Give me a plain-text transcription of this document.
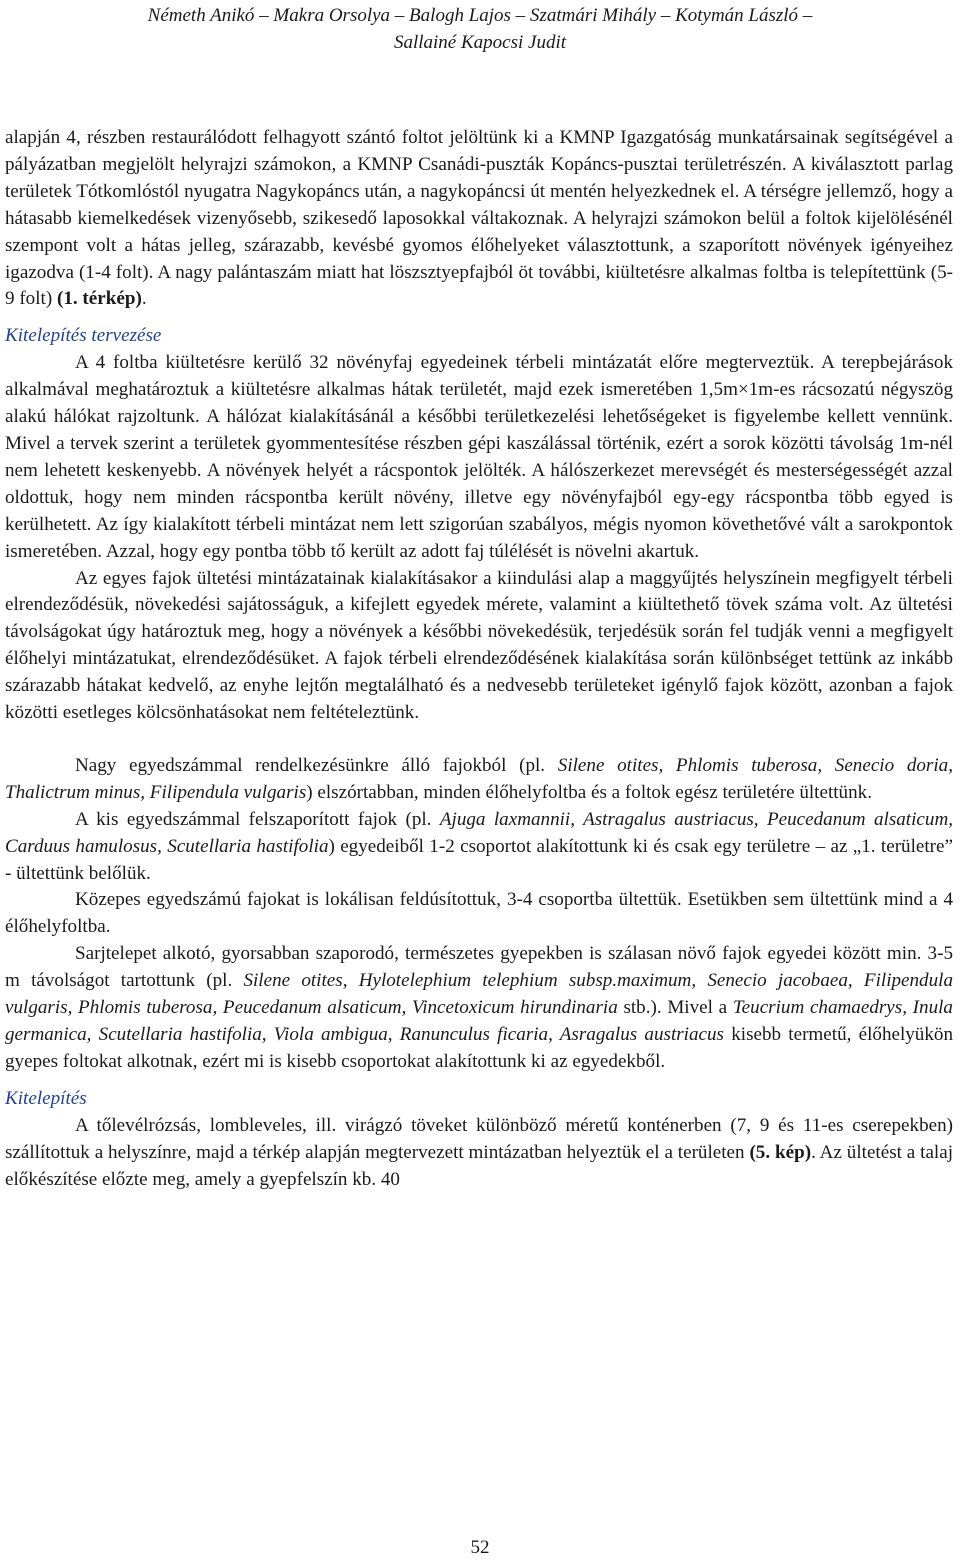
Németh Anikó – Makra Orsolya – Balogh Lajos – Szatmári Mihály – Kotymán László –
Sallainé Kapocsi Judit

alapján 4, részben restaurálódott felhagyott szántó foltot jelöltünk ki a KMNP Igazgatóság munkatársainak segítségével a pályázatban megjelölt helyrajzi számokon, a KMNP Csanádi-puszták Kopáncs-pusztai területrészén. A kiválasztott parlag területek Tótkomlóstól nyugatra Nagykopáncs után, a nagykopáncsi út mentén helyezkednek el. A térségre jellemző, hogy a hátasabb kiemelkedések vizenyősebb, szikesedő laposokkal váltakoznak. A helyrajzi számokon belül a foltok kijelölésénél szempont volt a hátas jelleg, szárazabb, kevésbé gyomos élőhelyeket választottunk, a szaporított növények igényeihez igazodva (1-4 folt). A nagy palántaszám miatt hat löszsztyepfajból öt további, kiültetésre alkalmas foltba is telepítettünk (5-9 folt) (1. térkép).

Kitelepítés tervezése

A 4 foltba kiültetésre kerülő 32 növényfaj egyedeinek térbeli mintázatát előre megterveztük. A terepbejárások alkalmával meghatároztuk a kiültetésre alkalmas hátak területét, majd ezek ismeretében 1,5m×1m-es rácsozatú négyszög alakú hálókat rajzoltunk. A hálózat kialakításánál a későbbi területkezelési lehetőségeket is figyelembe kellett vennünk. Mivel a tervek szerint a területek gyommentesítése részben gépi kaszálással történik, ezért a sorok közötti távolság 1m-nél nem lehetett keskenyebb. A növények helyét a rácspontok jelölték. A hálószerkezet merevségét és mesterségességét azzal oldottuk, hogy nem minden rácspontba került növény, illetve egy növényfajból egy-egy rácspontba több egyed is kerülhetett. Az így kialakított térbeli mintázat nem lett szigorúan szabályos, mégis nyomon követhetővé vált a sarokpontok ismeretében. Azzal, hogy egy pontba több tő került az adott faj túlélését is növelni akartuk.

Az egyes fajok ültetési mintázatainak kialakításakor a kiindulási alap a maggyűjtés helyszínein megfigyelt térbeli elrendeződésük, növekedési sajátosságuk, a kifejlett egyedek mérete, valamint a kiültethető tövek száma volt. Az ültetési távolságokat úgy határoztuk meg, hogy a növények a későbbi növekedésük, terjedésük során fel tudják venni a megfigyelt élőhelyi mintázatukat, elrendeződésüket. A fajok térbeli elrendeződésének kialakítása során különbséget tettünk az inkább szárazabb hátakat kedvelő, az enyhe lejtőn megtalálható és a nedvesebb területeket igénylő fajok között, azonban a fajok közötti esetleges kölcsönhatásokat nem feltételeztünk.

Nagy egyedszámmal rendelkezésünkre álló fajokból (pl. Silene otites, Phlomis tuberosa, Senecio doria, Thalictrum minus, Filipendula vulgaris) elszórtabban, minden élőhelyfoltba és a foltok egész területére ültettünk.

A kis egyedszámmal felszaporított fajok (pl. Ajuga laxmannii, Astragalus austriacus, Peucedanum alsaticum, Carduus hamulosus, Scutellaria hastifolia) egyedeiből 1-2 csoportot alakítottunk ki és csak egy területre – az „1. területre” - ültettünk belőlük.

Közepes egyedszámú fajokat is lokálisan feldúsítottuk, 3-4 csoportba ültettük. Esetükben sem ültettünk mind a 4 élőhelyfoltba.

Sarjtelepet alkotó, gyorsabban szaporodó, természetes gyepekben is szálasan növő fajok egyedei között min. 3-5 m távolságot tartottunk (pl. Silene otites, Hylotelephium telephium subsp.maximum, Senecio jacobaea, Filipendula vulgaris, Phlomis tuberosa, Peucedanum alsaticum, Vincetoxicum hirundinaria stb.). Mivel a Teucrium chamaedrys, Inula germanica, Scutellaria hastifolia, Viola ambigua, Ranunculus ficaria, Asragalus austriacus kisebb termetű, élőhelyükön gyepes foltokat alkotnak, ezért mi is kisebb csoportokat alakítottunk ki az egyedekből.

Kitelepítés

A tőlevélrózsás, lombleveles, ill. virágzó töveket különböző méretű konténerben (7, 9 és 11-es cserepekben) szállítottuk a helyszínre, majd a térkép alapján megtervezett mintázatban helyeztük el a területen (5. kép). Az ültetést a talaj előkészítése előzte meg, amely a gyepfelszín kb. 40

52
